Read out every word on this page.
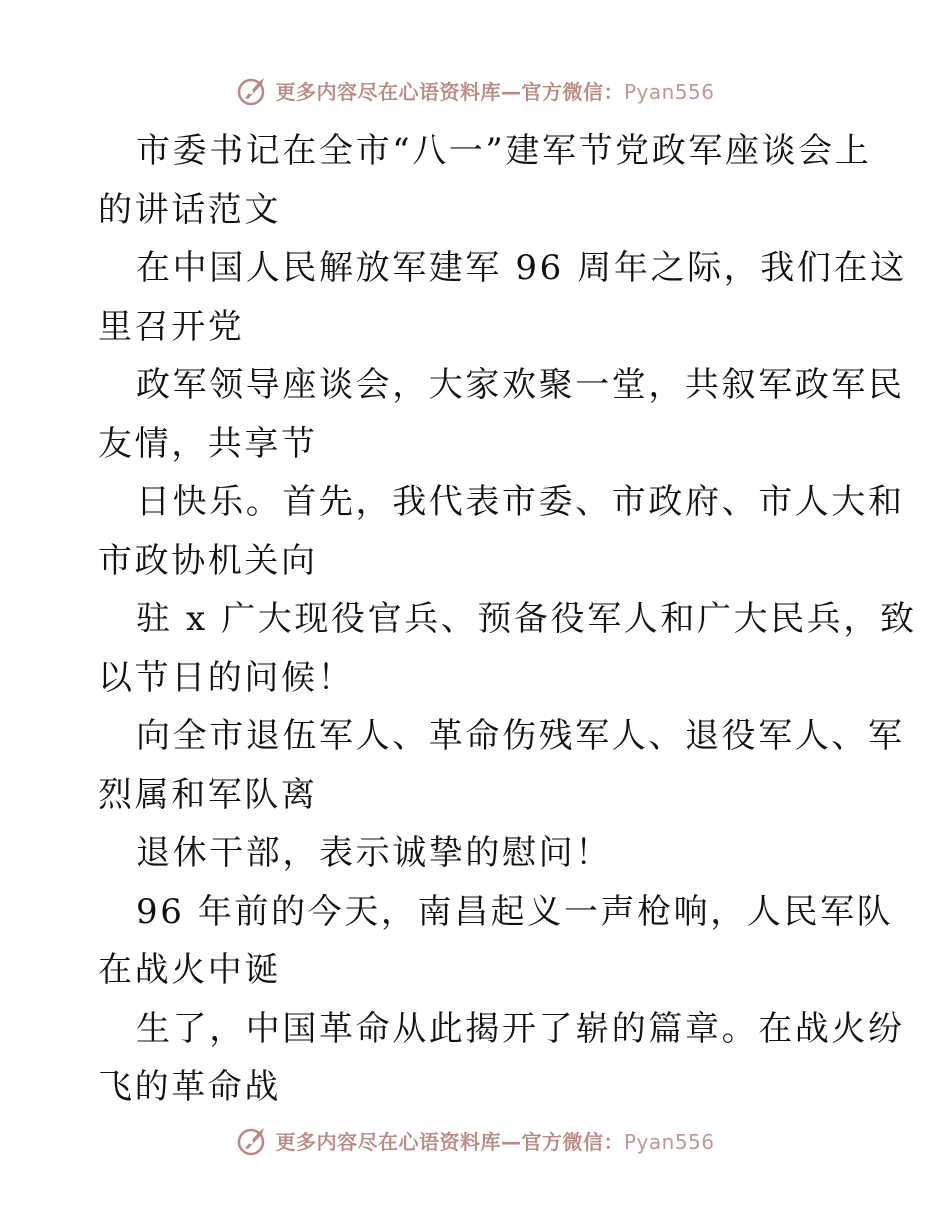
更多内容尽在心语资料库—官方微信：Pyan556
市委书记在全市“八一”建军节党政军座谈会上
的讲话范文
在中国人民解放军建军 96 周年之际，我们在这
里召开党
政军领导座谈会，大家欢聚一堂，共叙军政军民
友情，共享节
日快乐。首先，我代表市委、市政府、市人大和
市政协机关向
驻 x 广大现役官兵、预备役军人和广大民兵，致
以节日的问候！
向全市退伍军人、革命伤残军人、退役军人、军
烈属和军队离
退休干部，表示诚挚的慰问！
96 年前的今天，南昌起义一声枪响，人民军队
在战火中诞
生了，中国革命从此揭开了崭的篇章。在战火纷
飞的革命战
更多内容尽在心语资料库—官方微信：Pyan556
